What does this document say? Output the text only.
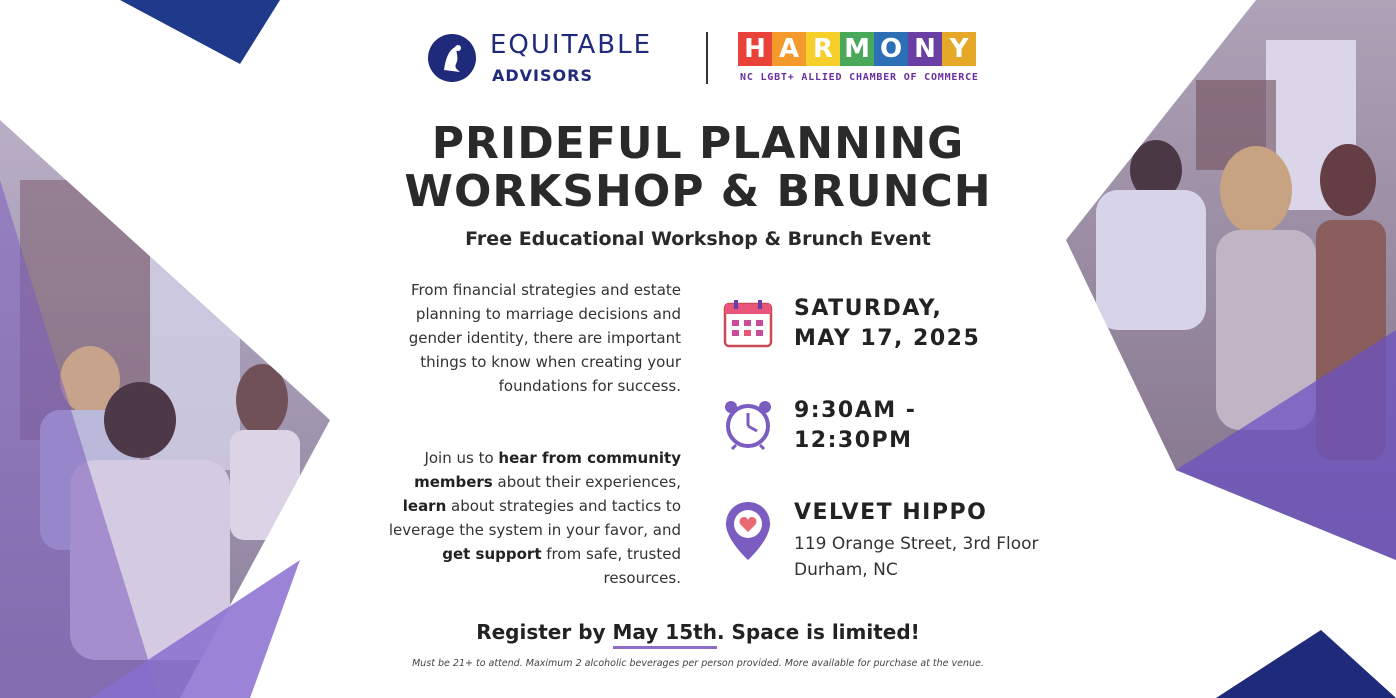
EQUITABLE
ADVISORS
H A R M O N Y
NC LGBT+ ALLIED CHAMBER OF COMMERCE
PRIDEFUL PLANNING
WORKSHOP & BRUNCH
Free Educational Workshop & Brunch Event
From financial strategies and estate planning to marriage decisions and gender identity, there are important things to know when creating your foundations for success.
Join us to hear from community members about their experiences, learn about strategies and tactics to leverage the system in your favor, and get support from safe, trusted resources.
SATURDAY,
MAY 17, 2025
9:30AM -
12:30PM
VELVET HIPPO
119 Orange Street, 3rd Floor
Durham, NC
Register by May 15th. Space is limited!
Must be 21+ to attend. Maximum 2 alcoholic beverages per person provided. More available for purchase at the venue.
